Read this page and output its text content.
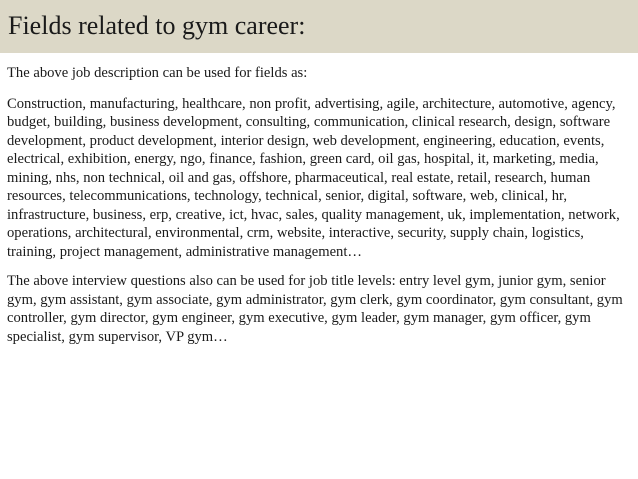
Fields related to gym career:

The above job description can be used for fields as:

Construction, manufacturing, healthcare, non profit, advertising, agile, architecture, automotive, agency, budget, building, business development, consulting, communication, clinical research, design, software development, product development, interior design, web development, engineering, education, events, electrical, exhibition, energy, ngo, finance, fashion, green card, oil gas, hospital, it, marketing, media, mining, nhs, non technical, oil and gas, offshore, pharmaceutical, real estate, retail, research, human resources, telecommunications, technology, technical, senior, digital, software, web, clinical, hr, infrastructure, business, erp, creative, ict, hvac, sales, quality management, uk, implementation, network, operations, architectural, environmental, crm, website, interactive, security, supply chain, logistics, training, project management, administrative management…

The above interview questions also can be used for job title levels: entry level gym, junior gym, senior gym, gym assistant, gym associate, gym administrator, gym clerk, gym coordinator, gym consultant, gym controller, gym director, gym engineer, gym executive, gym leader, gym manager, gym officer, gym specialist, gym supervisor, VP gym…
